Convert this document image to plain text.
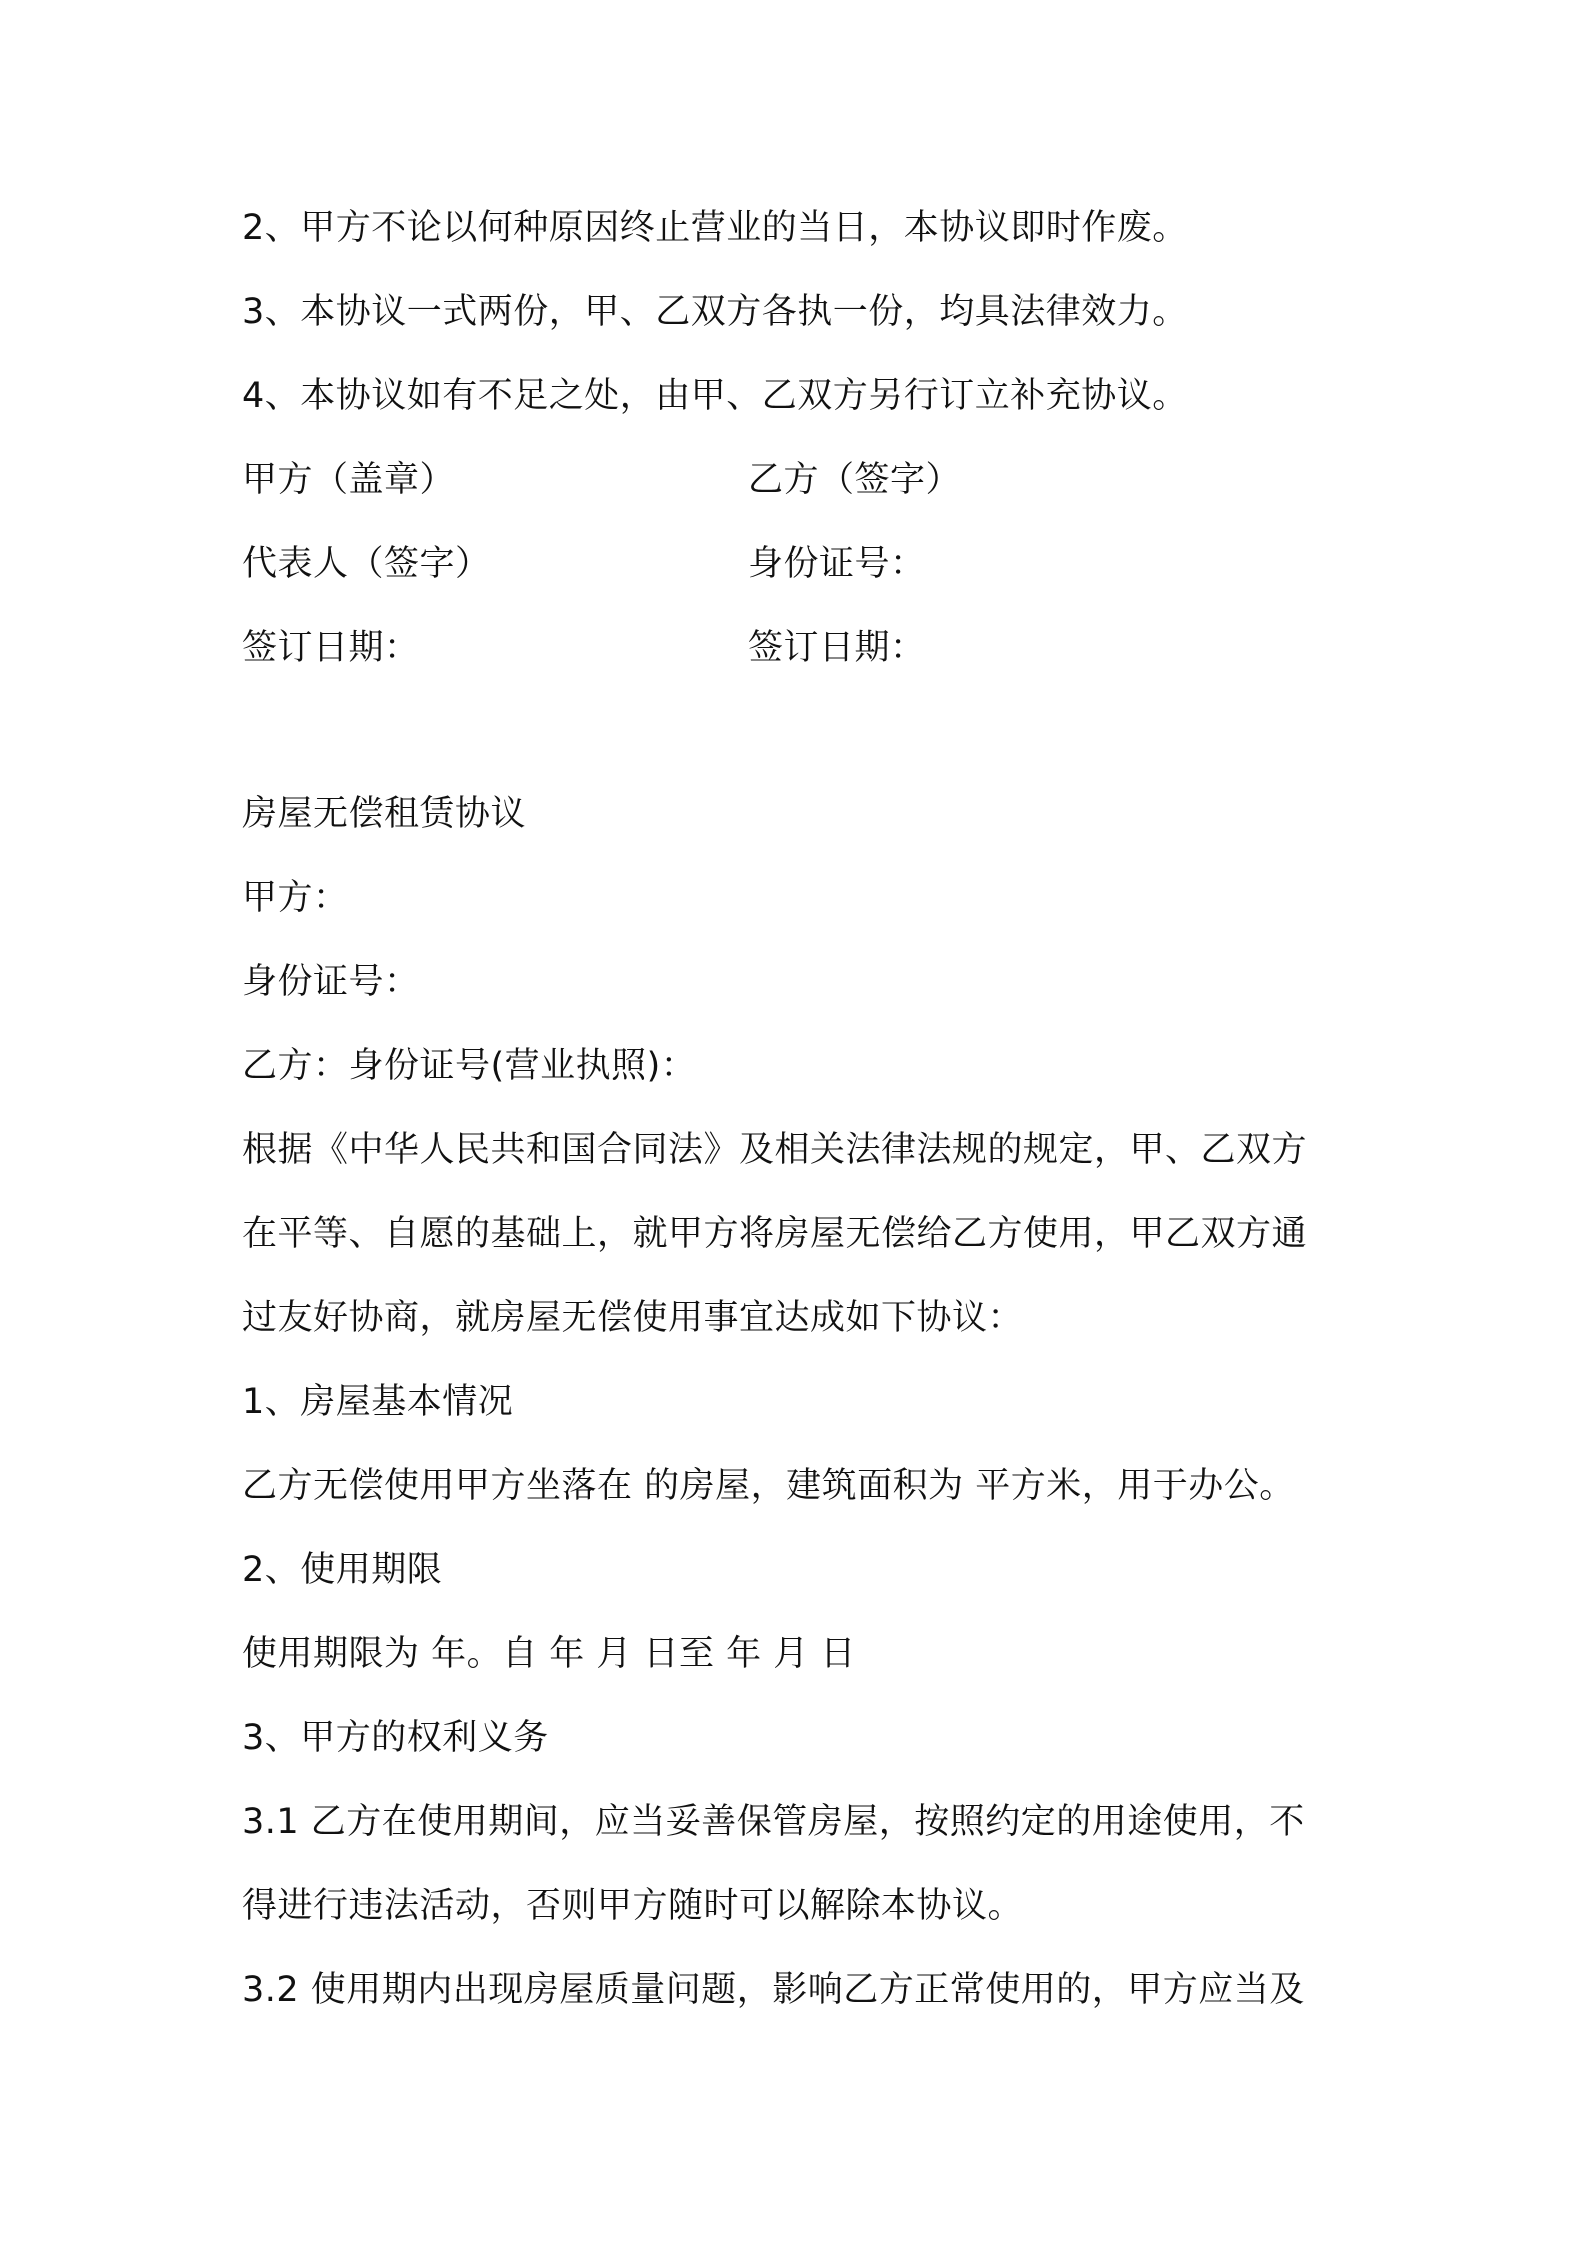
2、甲方不论以何种原因终止营业的当日，本协议即时作废。
3、本协议一式两份，甲、乙双方各执一份，均具法律效力。
4、本协议如有不足之处，由甲、乙双方另行订立补充协议。
甲方（盖章）	乙方（签字）
代表人（签字）	身份证号：
签订日期：	签订日期：
房屋无偿租赁协议
甲方：
身份证号：
乙方：身份证号(营业执照)：
根据《中华人民共和国合同法》及相关法律法规的规定，甲、乙双方
在平等、自愿的基础上，就甲方将房屋无偿给乙方使用，甲乙双方通
过友好协商，就房屋无偿使用事宜达成如下协议：
1、房屋基本情况
乙方无偿使用甲方坐落在 的房屋，建筑面积为 平方米，用于办公。
2、使用期限
使用期限为 年。自 年 月 日至 年 月 日
3、甲方的权利义务
3.1 乙方在使用期间，应当妥善保管房屋，按照约定的用途使用，不
得进行违法活动，否则甲方随时可以解除本协议。
3.2 使用期内出现房屋质量问题，影响乙方正常使用的，甲方应当及
